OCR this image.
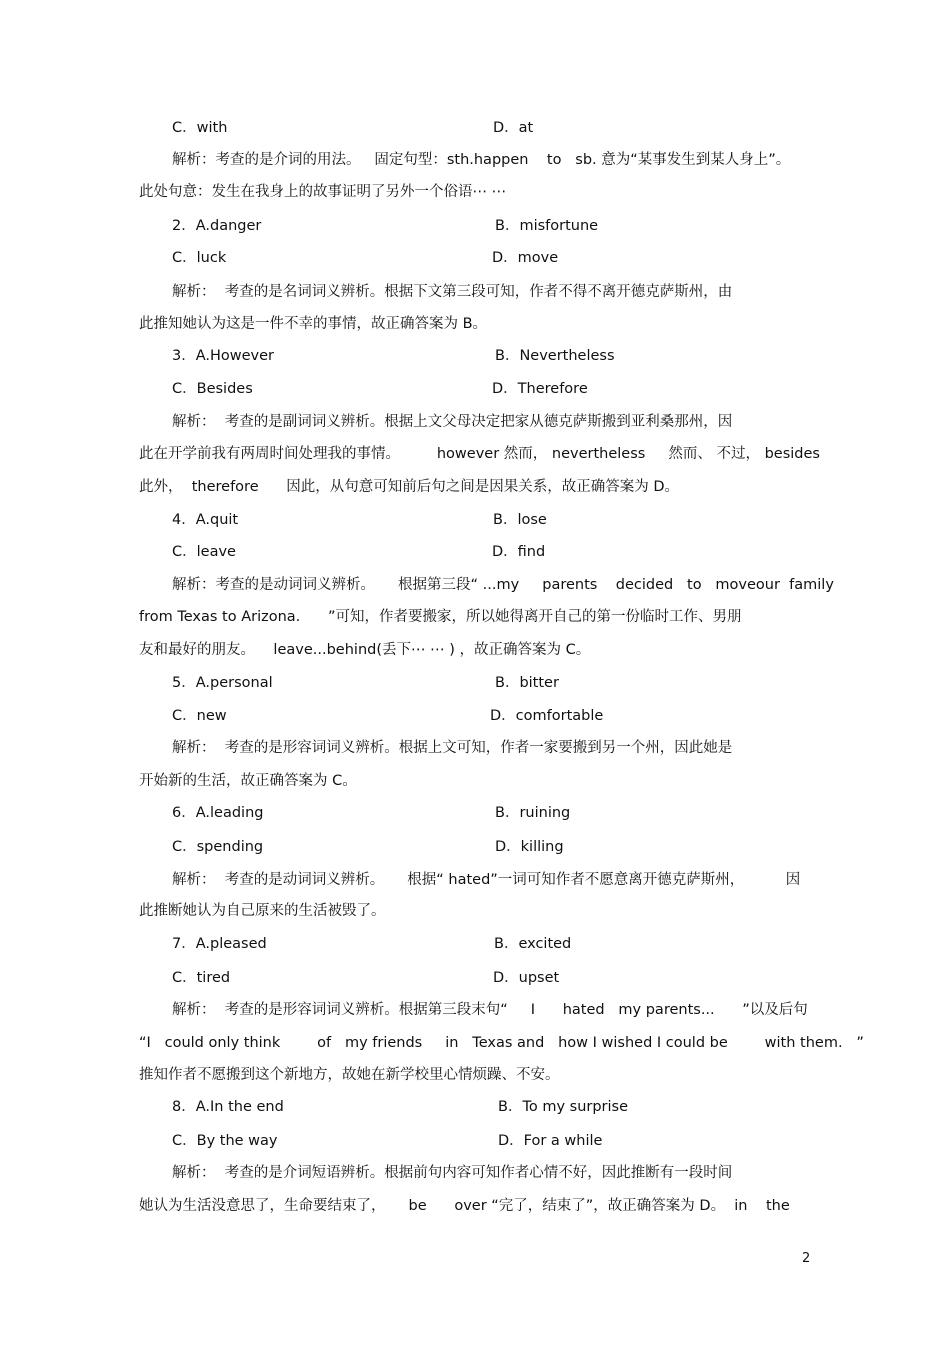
C．with	D．at
解析：考查的是介词的用法。   固定句型：sth.happen    to   sb. 意为“某事发生到某人身上”。
此处句意：发生在我身上的故事证明了另外一个俗语⋯ ⋯
2．A.danger	B．misfortune
C．luck	D．move
解析：  考查的是名词词义辨析。根据下文第三段可知，作者不得不离开德克萨斯州，由
此推知她认为这是一件不幸的事情，故正确答案为 B。
3．A.However	B．Nevertheless
C．Besides	D．Therefore
解析：  考查的是副词词义辨析。根据上文父母决定把家从德克萨斯搬到亚利桑那州，因
此在开学前我有两周时间处理我的事情。        however 然而， nevertheless     然而、 不过， besides
此外，  therefore      因此，从句意可知前后句之间是因果关系，故正确答案为 D。
4．A.quit	B．lose
C．leave	D．find
解析：考查的是动词词义辨析。     根据第三段“ ...my     parents    decided   to   moveour  family
from Texas to Arizona.      ”可知，作者要搬家，所以她得离开自己的第一份临时工作、男朋
友和最好的朋友。    leave...behind(丢下⋯ ⋯ ) ，故正确答案为 C。
5．A.personal	B．bitter
C．new	D．comfortable
解析：  考查的是形容词词义辨析。根据上文可知，作者一家要搬到另一个州，因此她是
开始新的生活，故正确答案为 C。
6．A.leading	B．ruining
C．spending	D．killing
解析：  考查的是动词词义辨析。     根据“ hated”一词可知作者不愿意离开德克萨斯州，         因
此推断她认为自己原来的生活被毁了。
7．A.pleased	B．excited
C．tired	D．upset
解析：  考查的是形容词词义辨析。根据第三段末句“     I      hated   my parents...      ”以及后句
“I   could only think        of   my friends     in   Texas and   how I wished I could be        with them.   ”
推知作者不愿搬到这个新地方，故她在新学校里心情烦躁、不安。
8．A.In the end	B．To my surprise
C．By the way	D．For a while
解析：  考查的是介词短语辨析。根据前句内容可知作者心情不好，因此推断有一段时间
她认为生活没意思了，生命要结束了，     be      over “完了，结束了”，故正确答案为 D。  in    the
2
